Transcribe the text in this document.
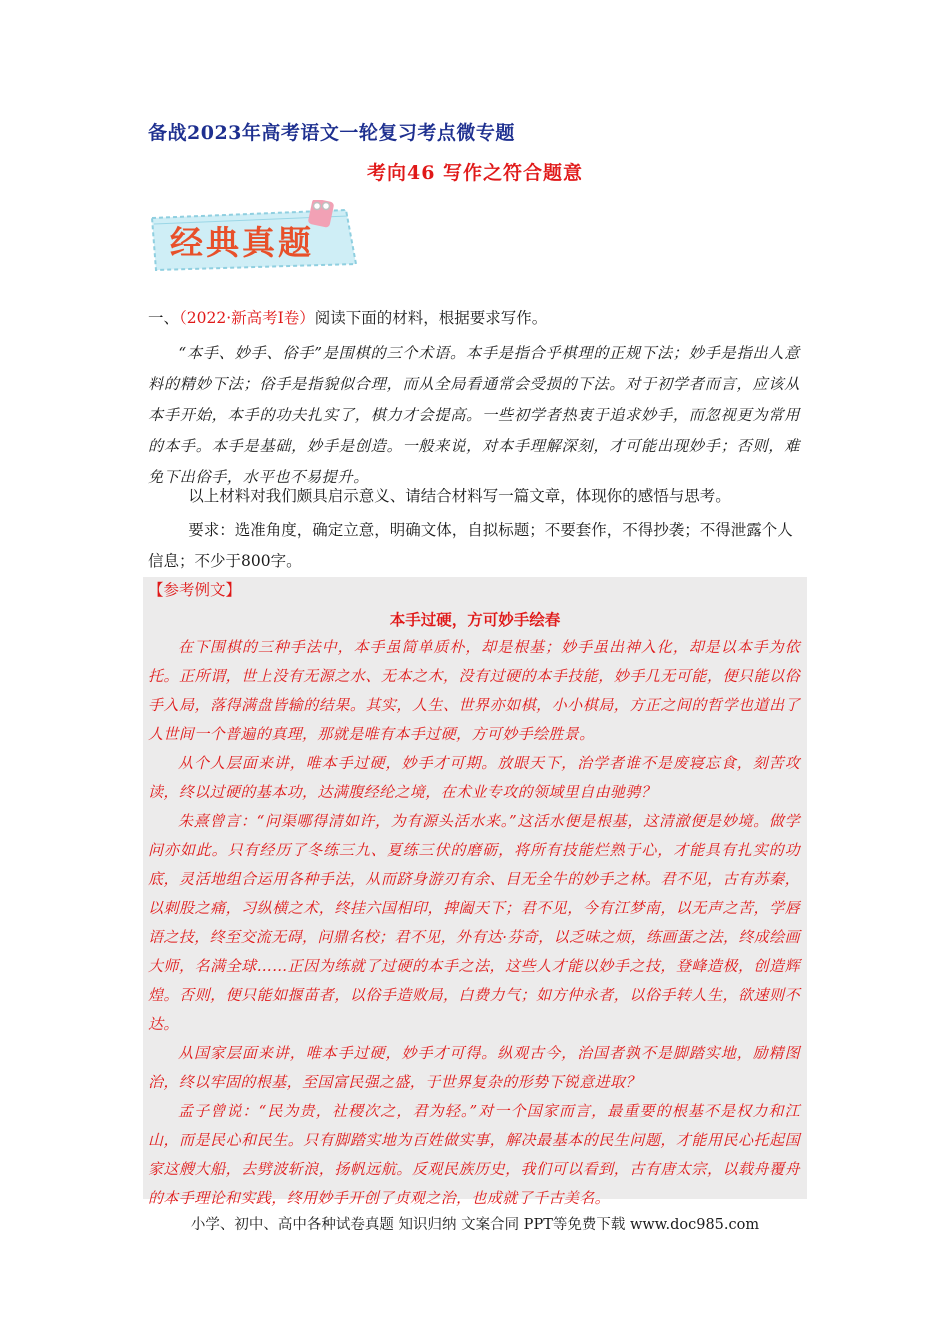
备战2023年高考语文一轮复习考点微专题
考向46 写作之符合题意
经典真题

一、（2022·新高考I卷）阅读下面的材料，根据要求写作。

“本手、妙手、俗手”是围棋的三个术语。本手是指合乎棋理的正规下法；妙手是指出人意料的精妙下法；俗手是指貌似合理，而从全局看通常会受损的下法。对于初学者而言，应该从本手开始，本手的功夫扎实了，棋力才会提高。一些初学者热衷于追求妙手，而忽视更为常用的本手。本手是基础，妙手是创造。一般来说，对本手理解深刻，才可能出现妙手；否则，难免下出俗手，水平也不易提升。

以上材料对我们颇具启示意义、请结合材料写一篇文章，体现你的感悟与思考。

要求：选准角度，确定立意，明确文体，自拟标题；不要套作，不得抄袭；不得泄露个人信息；不少于800字。

【参考例文】

本手过硬，方可妙手绘春

在下围棋的三种手法中，本手虽简单质朴，却是根基；妙手虽出神入化，却是以本手为依托。正所谓，世上没有无源之水、无本之木，没有过硬的本手技能，妙手几无可能，便只能以俗手入局，落得满盘皆输的结果。其实，人生、世界亦如棋，小小棋局，方正之间的哲学也道出了人世间一个普遍的真理，那就是唯有本手过硬，方可妙手绘胜景。

从个人层面来讲，唯本手过硬，妙手才可期。放眼天下，治学者谁不是废寝忘食，刻苦攻读，终以过硬的基本功，达满腹经纶之境，在术业专攻的领域里自由驰骋？

朱熹曾言：“问渠哪得清如许，为有源头活水来。”这活水便是根基，这清澈便是妙境。做学问亦如此。只有经历了冬练三九、夏练三伏的磨砺，将所有技能烂熟于心，才能具有扎实的功底，灵活地组合运用各种手法，从而跻身游刃有余、目无全牛的妙手之林。君不见，古有苏秦，以刺股之痛，习纵横之术，终挂六国相印，捭阖天下；君不见，今有江梦南，以无声之苦，学唇语之技，终至交流无碍，问鼎名校；君不见，外有达·芬奇，以乏味之烦，练画蛋之法，终成绘画大师，名满全球……正因为练就了过硬的本手之法，这些人才能以妙手之技，登峰造极，创造辉煌。否则，便只能如揠苗者，以俗手造败局，白费力气；如方仲永者，以俗手转人生，欲速则不达。

从国家层面来讲，唯本手过硬，妙手才可得。纵观古今，治国者孰不是脚踏实地，励精图治，终以牢固的根基，至国富民强之盛，于世界复杂的形势下锐意进取？

孟子曾说：“民为贵，社稷次之，君为轻。”对一个国家而言，最重要的根基不是权力和江山，而是民心和民生。只有脚踏实地为百姓做实事，解决最基本的民生问题，才能用民心托起国家这艘大船，去劈波斩浪，扬帆远航。反观民族历史，我们可以看到，古有唐太宗，以载舟覆舟的本手理论和实践，终用妙手开创了贞观之治，也成就了千古美名。

小学、初中、高中各种试卷真题 知识归纳 文案合同 PPT等免费下载 www.doc985.com
